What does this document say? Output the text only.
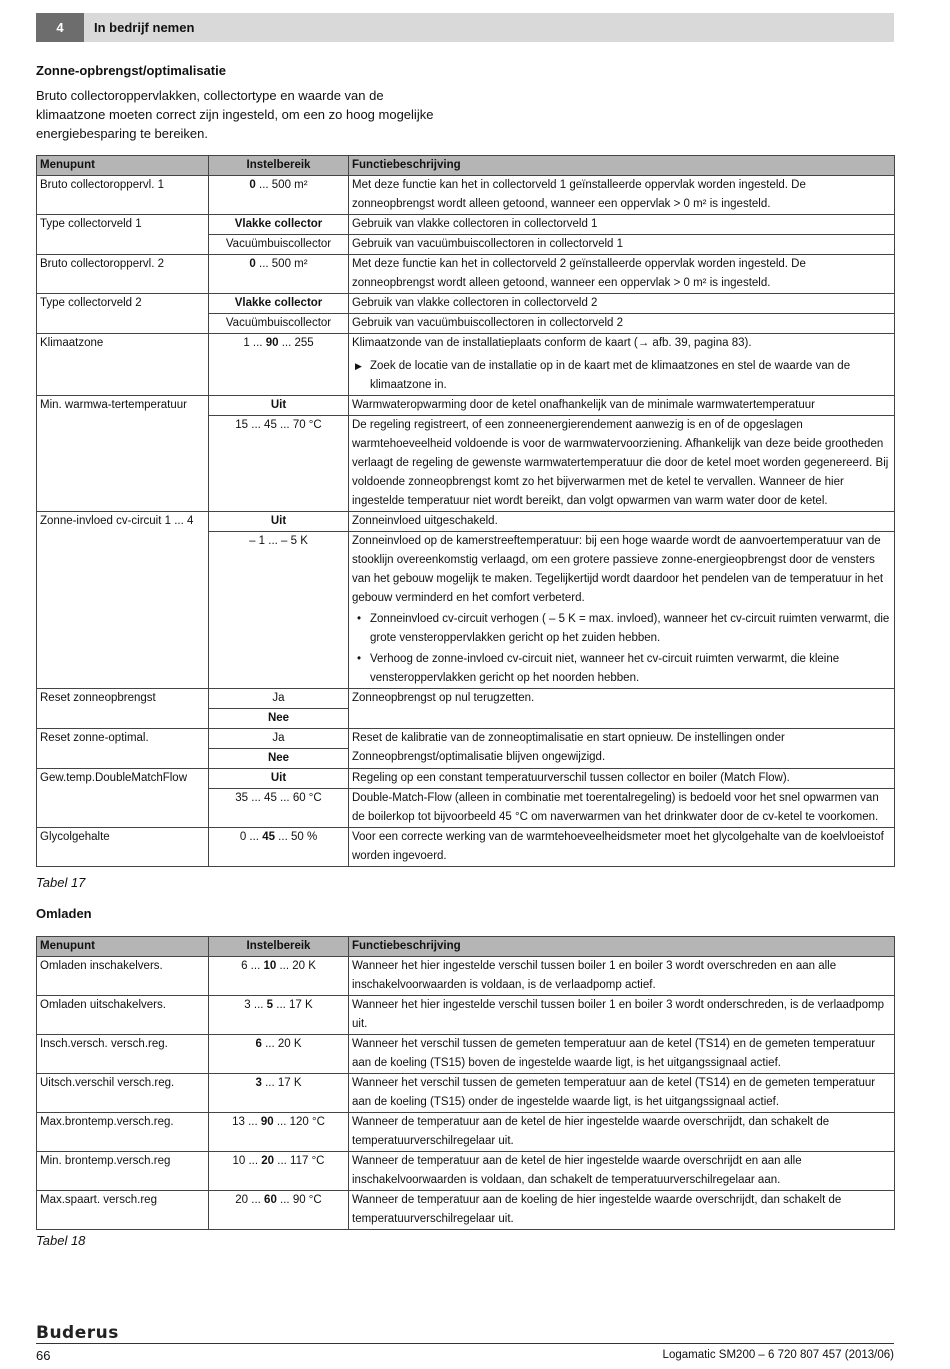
4	In bedrijf nemen
Zonne-opbrengst/optimalisatie
Bruto collectoroppervlakken, collectortype en waarde van de klimaatzone moeten correct zijn ingesteld, om een zo hoog mogelijke energiebesparing te bereiken.
Menupunt	Instelbereik	Functiebeschrijving
Bruto collectoroppervl. 1	0 ... 500 m²	Met deze functie kan het in collectorveld 1 geïnstalleerde oppervlak worden ingesteld. De zonneopbrengst wordt alleen getoond, wanneer een oppervlak > 0 m² is ingesteld.
Type collectorveld 1	Vlakke collector	Gebruik van vlakke collectoren in collectorveld 1
	Vacuümbuiscollector	Gebruik van vacuümbuiscollectoren in collectorveld 1
Bruto collectoroppervl. 2	0 ... 500 m²	Met deze functie kan het in collectorveld 2 geïnstalleerde oppervlak worden ingesteld. De zonneopbrengst wordt alleen getoond, wanneer een oppervlak > 0 m² is ingesteld.
Type collectorveld 2	Vlakke collector	Gebruik van vlakke collectoren in collectorveld 2
	Vacuümbuiscollector	Gebruik van vacuümbuiscollectoren in collectorveld 2
Klimaatzone	1 ... 90 ... 255	Klimaatzonde van de installatieplaats conform de kaart (→ afb. 39, pagina 83).
▶ Zoek de locatie van de installatie op in de kaart met de klimaatzones en stel de waarde van de klimaatzone in.

Min. warmwa-tertemperatuur	Uit	Warmwateropwarming door de ketel onafhankelijk van de minimale warmwatertemperatuur
	15 ... 45 ... 70 °C	De regeling registreert, of een zonneenergierendement aanwezig is en of de opgeslagen warmtehoeveelheid voldoende is voor de warmwatervoorziening. Afhankelijk van deze beide grootheden verlaagt de regeling de gewenste warmwatertemperatuur die door de ketel moet worden gegenereerd. Bij voldoende zonneopbrengst komt zo het bijverwarmen met de ketel te vervallen. Wanneer de hier ingestelde temperatuur niet wordt bereikt, dan volgt opwarmen van warm water door de ketel.
Zonne-invloed cv-circuit 1 ... 4	Uit	Zonneinvloed uitgeschakeld.
	– 1 ... – 5 K	Zonneinvloed op de kamerstreeftemperatuur: bij een hoge waarde wordt de aanvoertemperatuur van de stooklijn overeenkomstig verlaagd, om een grotere passieve zonne-energieopbrengst door de vensters van het gebouw mogelijk te maken. Tegelijkertijd wordt daardoor het pendelen van de temperatuur in het gebouw verminderd en het comfort verbeterd.
• Zonneinvloed cv-circuit verhogen ( – 5 K = max. invloed), wanneer het cv-circuit ruimten verwarmt, die grote vensteroppervlakken gericht op het zuiden hebben.
• Verhoog de zonne-invloed cv-circuit niet, wanneer het cv-circuit ruimten verwarmt, die kleine vensteroppervlakken gericht op het noorden hebben.

Reset zonneopbrengst	Ja	Zonneopbrengst op nul terugzetten.
	Nee	
Reset zonne-optimal.	Ja	Reset de kalibratie van de zonneoptimalisatie en start opnieuw. De instellingen onder Zonneopbrengst/optimalisatie blijven ongewijzigd.
	Nee	
Gew.temp.DoubleMatchFlow	Uit	Regeling op een constant temperatuurverschil tussen collector en boiler (Match Flow).
	35 ... 45 ... 60 °C	Double-Match-Flow (alleen in combinatie met toerentalregeling) is bedoeld voor het snel opwarmen van de boilerkop tot bijvoorbeeld 45 °C om naverwarmen van het drinkwater door de cv-ketel te voorkomen.
Glycolgehalte	0 ... 45 ... 50 %	Voor een correcte werking van de warmtehoeveelheidsmeter moet het glycolgehalte van de koelvloeistof worden ingevoerd.
Tabel 17
Omladen
Menupunt	Instelbereik	Functiebeschrijving
Omladen inschakelvers.	6 ... 10 ... 20 K	Wanneer het hier ingestelde verschil tussen boiler 1 en boiler 3 wordt overschreden en aan alle inschakelvoorwaarden is voldaan, is de verlaadpomp actief.
Omladen uitschakelvers.	3 ... 5 ... 17 K	Wanneer het hier ingestelde verschil tussen boiler 1 en boiler 3 wordt onderschreden, is de verlaadpomp uit.
Insch.versch. versch.reg.	6 ... 20 K	Wanneer het verschil tussen de gemeten temperatuur aan de ketel (TS14) en de gemeten temperatuur aan de koeling (TS15) boven de ingestelde waarde ligt, is het uitgangssignaal actief.
Uitsch.verschil versch.reg.	3 ... 17 K	Wanneer het verschil tussen de gemeten temperatuur aan de ketel (TS14) en de gemeten temperatuur aan de koeling (TS15) onder de ingestelde waarde ligt, is het uitgangssignaal actief.
Max.brontemp.versch.reg.	13 ... 90 ... 120 °C	Wanneer de temperatuur aan de ketel de hier ingestelde waarde overschrijdt, dan schakelt de temperatuurverschilregelaar uit.
Min. brontemp.versch.reg	10 ... 20 ... 117 °C	Wanneer de temperatuur aan de ketel de hier ingestelde waarde overschrijdt en aan alle inschakelvoorwaarden is voldaan, dan schakelt de temperatuurverschilregelaar aan.
Max.spaart. versch.reg	20 ... 60 ... 90 °C	Wanneer de temperatuur aan de koeling de hier ingestelde waarde overschrijdt, dan schakelt de temperatuurverschilregelaar uit.
Tabel 18
Buderus
66	Logamatic SM200 – 6 720 807 457 (2013/06)
